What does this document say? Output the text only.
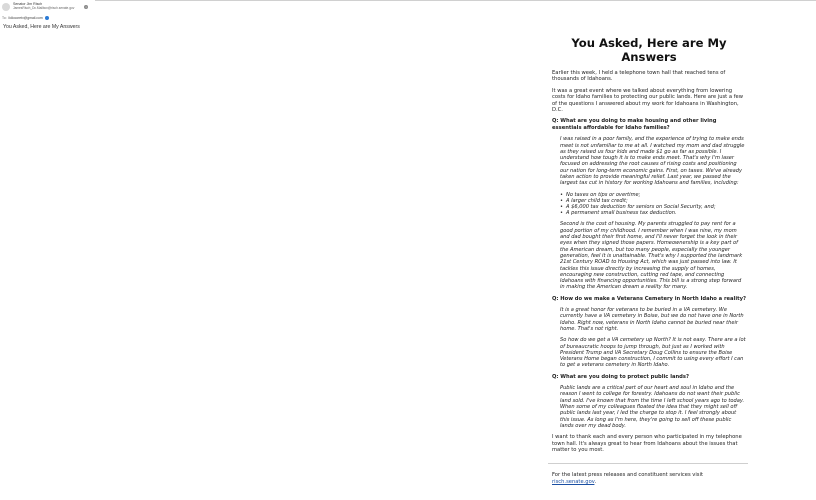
Senator Jim Risch
JamesRisch_Dc.Mailbox@risch.senate.gov	i
To: lidlocoretx@gmail.com
You Asked, Here are My Answers
You Asked, Here are My Answers

Earlier this week, I held a telephone town hall that reached tens of thousands of Idahoans.

It was a great event where we talked about everything from lowering costs for Idaho families to protecting our public lands. Here are just a few of the questions I answered about my work for Idahoans in Washington, D.C.

Q: What are you doing to make housing and other living essentials affordable for Idaho families?

I was raised in a poor family, and the experience of trying to make ends meet is not unfamiliar to me at all. I watched my mom and dad struggle as they raised us four kids and made $1 go as far as possible. I understand how tough it is to make ends meet. That's why I'm laser focused on addressing the root causes of rising costs and positioning our nation for long-term economic gains. First, on taxes. We've already taken action to provide meaningful relief. Last year, we passed the largest tax cut in history for working Idahoans and families, including:

• No taxes on tips or overtime;
• A larger child tax credit;
• A $6,000 tax deduction for seniors on Social Security, and;
• A permanent small business tax deduction.

Second is the cost of housing. My parents struggled to pay rent for a good portion of my childhood. I remember when I was nine, my mom and dad bought their first home, and I'll never forget the look in their eyes when they signed those papers. Homeownership is a key part of the American dream, but too many people, especially the younger generation, feel it is unattainable. That's why I supported the landmark 21st Century ROAD to Housing Act, which was just passed into law. It tackles this issue directly by increasing the supply of homes, encouraging new construction, cutting red tape, and connecting Idahoans with financing opportunities. This bill is a strong step forward in making the American dream a reality for many.

Q: How do we make a Veterans Cemetery in North Idaho a reality?

It is a great honor for veterans to be buried in a VA cemetery. We currently have a VA cemetery in Boise, but we do not have one in North Idaho. Right now, veterans in North Idaho cannot be buried near their home. That's not right.

So how do we get a VA cemetery up North? It is not easy. There are a lot of bureaucratic hoops to jump through, but just as I worked with President Trump and VA Secretary Doug Collins to ensure the Boise Veterans Home began construction, I commit to using every effort I can to get a veterans cemetery in North Idaho.

Q: What are you doing to protect public lands?

Public lands are a critical part of our heart and soul in Idaho and the reason I went to college for forestry. Idahoans do not want their public land sold. I've known that from the time I left school years ago to today. When some of my colleagues floated the idea that they might sell off public lands last year, I led the charge to stop it. I feel strongly about this issue. As long as I'm here, they're going to sell off these public lands over my dead body.

I want to thank each and every person who participated in my telephone town hall. It's always great to hear from Idahoans about the issues that matter to you most.

For the latest press releases and constituent services visit risch.senate.gov.
